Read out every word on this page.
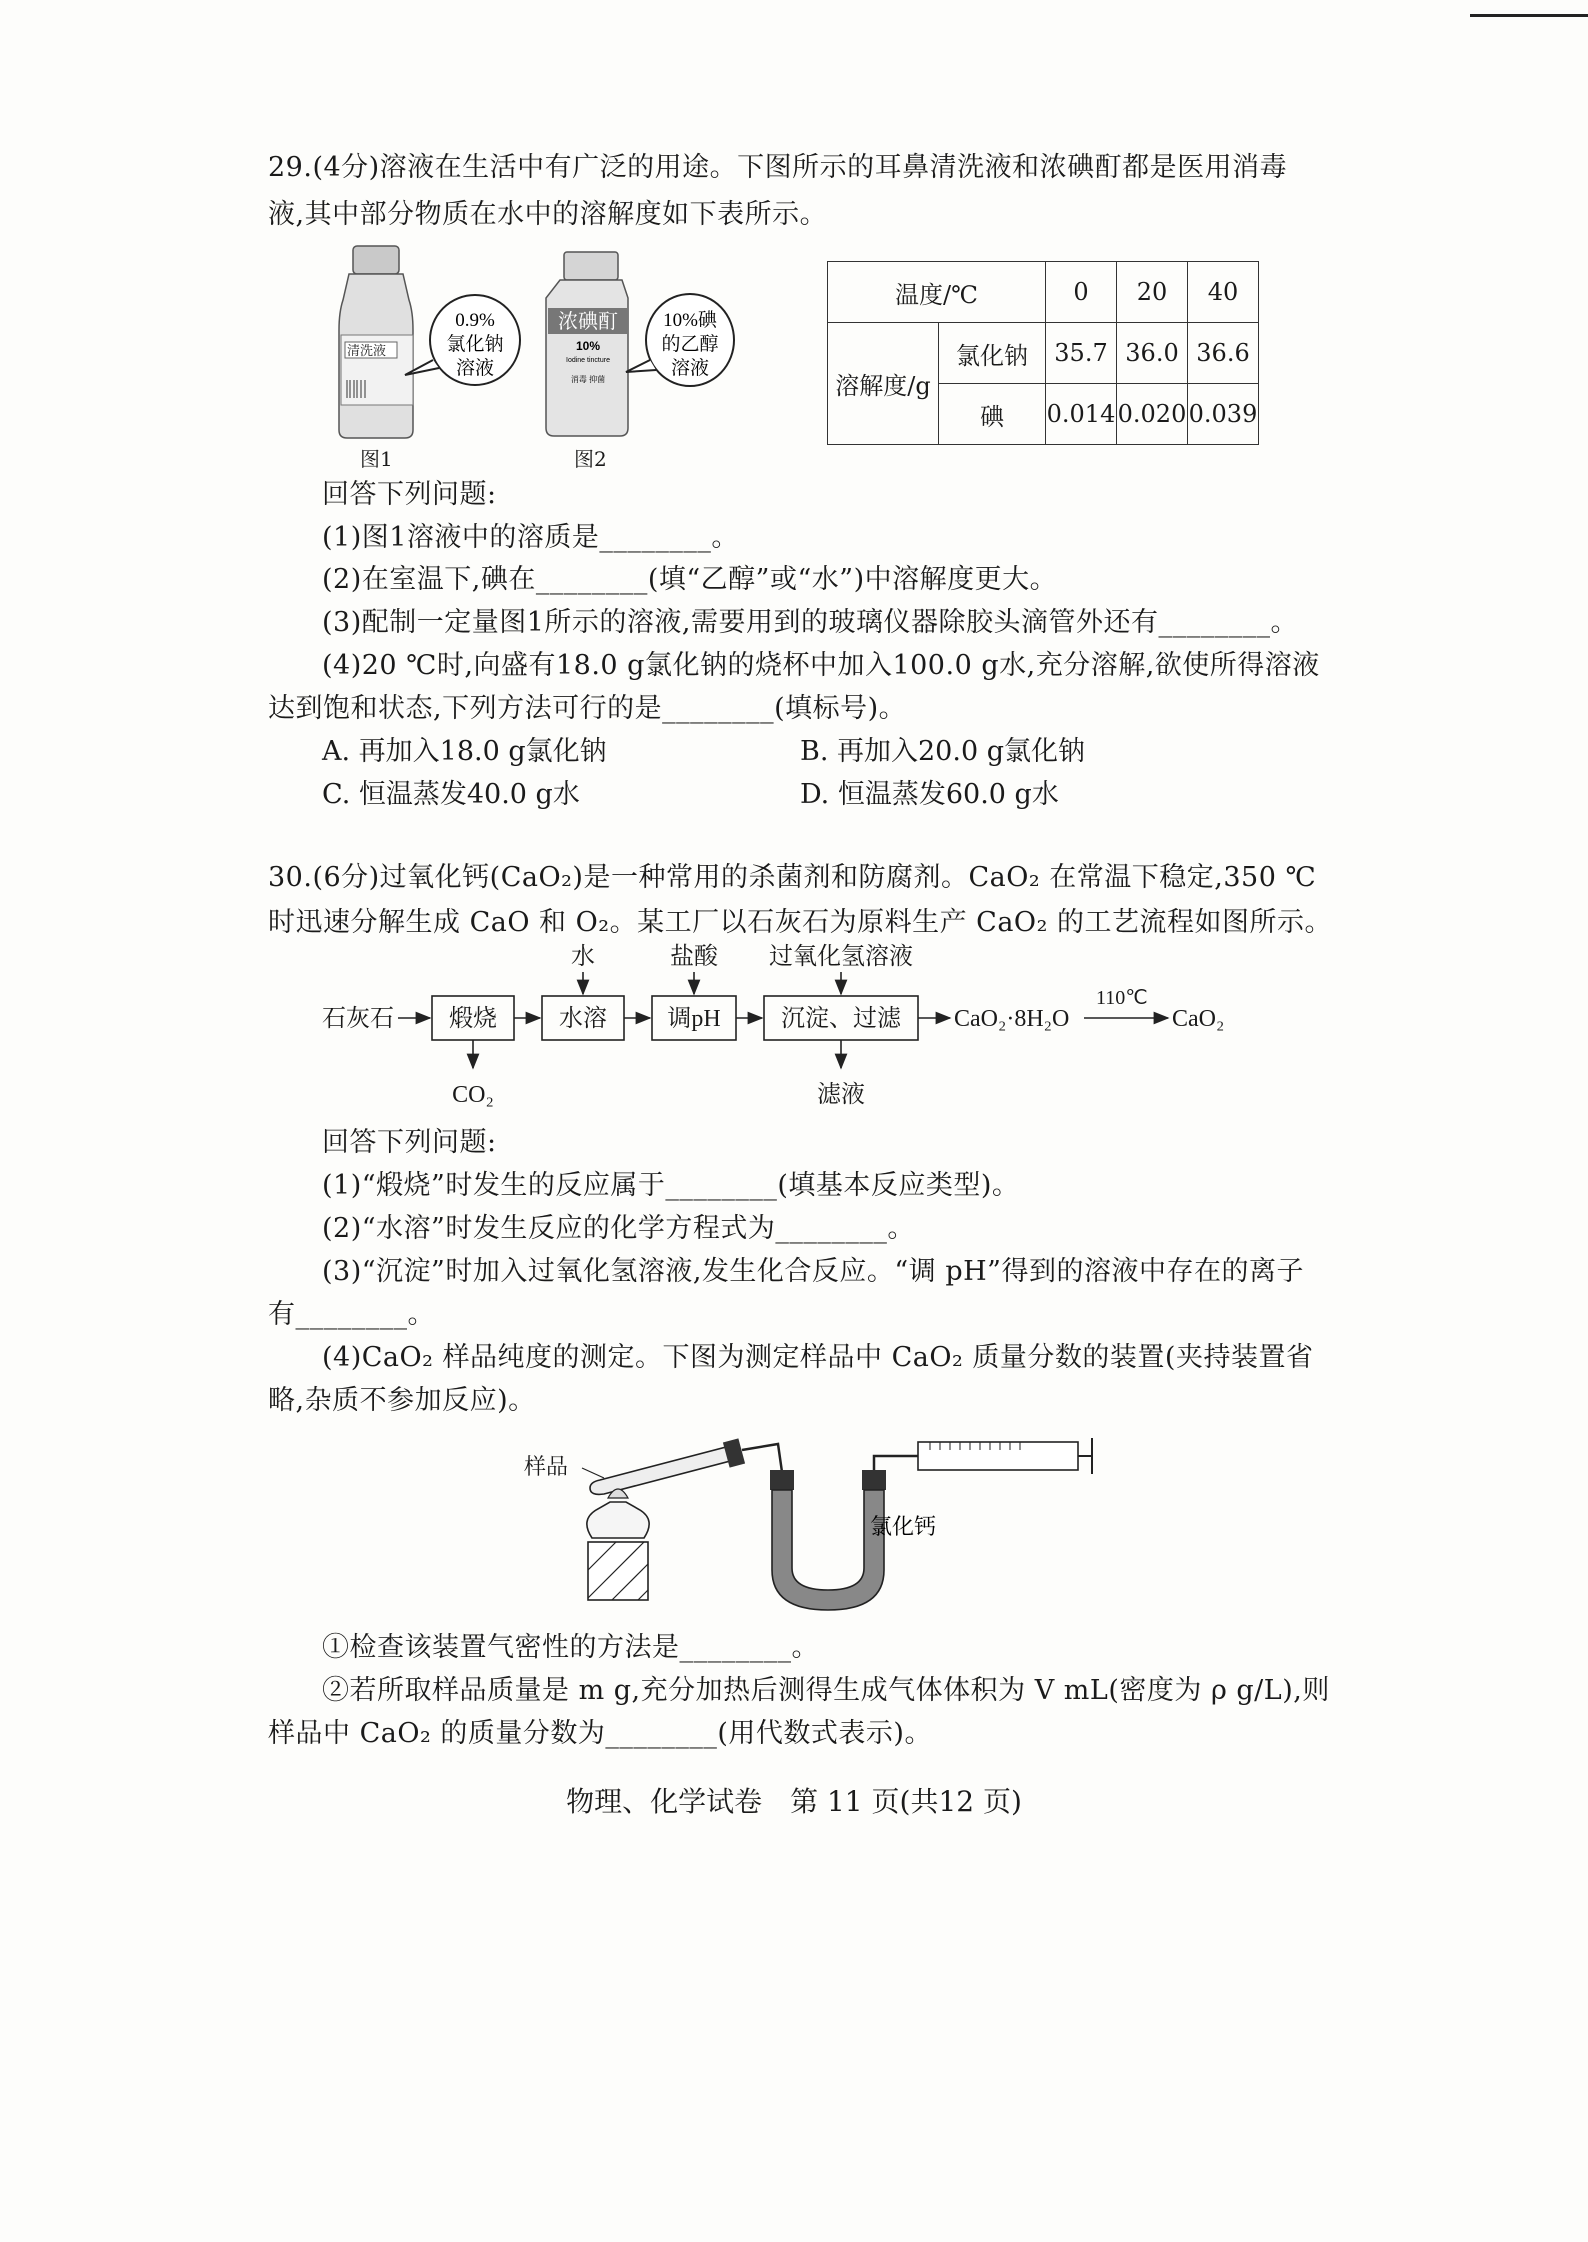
29.(4分)溶液在生活中有广泛的用途。下图所示的耳鼻清洗液和浓碘酊都是医用消毒
液,其中部分物质在水中的溶解度如下表所示。
清洗液
0.9%
氯化钠
溶液
图1
浓碘酊
10%
Iodine tincture
消毒 抑菌
10%碘
的乙醇
溶液
图2
温度/℃		0	20	40
溶解度/g	氯化钠	35.7	36.0	36.6
	碘	0.014	0.020	0.039
回答下列问题:
(1)图1溶液中的溶质是________。
(2)在室温下,碘在________(填“乙醇”或“水”)中溶解度更大。
(3)配制一定量图1所示的溶液,需要用到的玻璃仪器除胶头滴管外还有________。
(4)20 ℃时,向盛有18.0 g氯化钠的烧杯中加入100.0 g水,充分溶解,欲使所得溶液
达到饱和状态,下列方法可行的是________(填标号)。
A. 再加入18.0 g氯化钠	B. 再加入20.0 g氯化钠
C. 恒温蒸发40.0 g水	D. 恒温蒸发60.0 g水
30.(6分)过氧化钙(CaO₂)是一种常用的杀菌剂和防腐剂。CaO₂ 在常温下稳定,350 ℃
时迅速分解生成 CaO 和 O₂。某工厂以石灰石为原料生产 CaO₂ 的工艺流程如图所示。
石灰石 煅烧	水溶	调pH	沉淀、过滤 CaO₂·8H₂O
110℃
CaO₂
水	盐酸 过氧化氢溶液
CO₂	滤液
回答下列问题:
(1)“煅烧”时发生的反应属于________(填基本反应类型)。
(2)“水溶”时发生反应的化学方程式为________。
(3)“沉淀”时加入过氧化氢溶液,发生化合反应。“调 pH”得到的溶液中存在的离子
有________。
(4)CaO₂ 样品纯度的测定。下图为测定样品中 CaO₂ 质量分数的装置(夹持装置省
略,杂质不参加反应)。
样品
氯化钙
①检查该装置气密性的方法是________。
②若所取样品质量是 m g,充分加热后测得生成气体体积为 V mL(密度为 ρ g/L),则
样品中 CaO₂ 的质量分数为________(用代数式表示)。
物理、化学试卷　第 11 页(共12 页)
